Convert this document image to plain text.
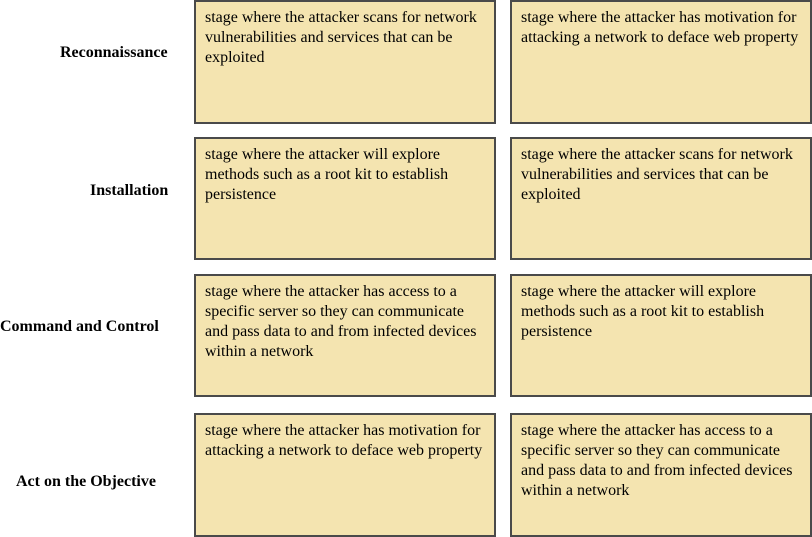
Reconnaissance
Installation
Command and Control
Act on the Objective
stage where the attacker scans for network vulnerabilities and services that can be exploited
stage where the attacker has motivation for attacking a network to deface web property
stage where the attacker will explore methods such as a root kit to establish persistence
stage where the attacker scans for network vulnerabilities and services that can be exploited
stage where the attacker has access to a specific server so they can communicate and pass data to and from infected devices within a network
stage where the attacker will explore methods such as a root kit to establish persistence
stage where the attacker has motivation for attacking a network to deface web property
stage where the attacker has access to a specific server so they can communicate and pass data to and from infected devices within a network
